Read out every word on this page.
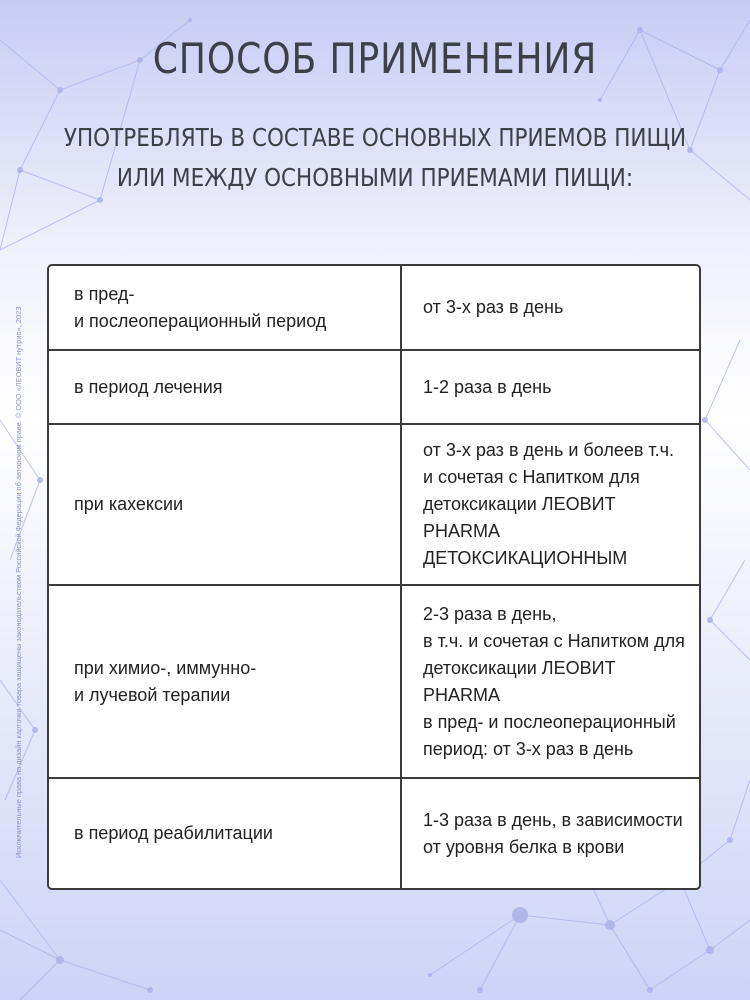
СПОСОБ ПРИМЕНЕНИЯ
УПОТРЕБЛЯТЬ В СОСТАВЕ ОСНОВНЫХ ПРИЕМОВ ПИЩИ
ИЛИ МЕЖДУ ОСНОВНЫМИ ПРИЕМАМИ ПИЩИ:
Исключительные права на дизайн карточки товара защищены законодательством Российской Федерации об авторском праве. © ООО «ЛЕОВИТ нутрио», 2023
в пред-
и послеоперационный период
от 3-х раз в день
в период лечения	1-2 раза в день
при кахексии
от 3-х раз в день и болеев т.ч.
и сочетая с Напитком для
детоксикации ЛЕОВИТ PHARMA
ДЕТОКСИКАЦИОННЫМ
при химио-, иммунно-
и лучевой терапии
2-3 раза в день,
в т.ч. и сочетая с Напитком для
детоксикации ЛЕОВИТ PHARMA
в пред- и послеоперационный
период: от 3-х раз в день
в период реабилитации
1-3 раза в день, в зависимости
от уровня белка в крови
